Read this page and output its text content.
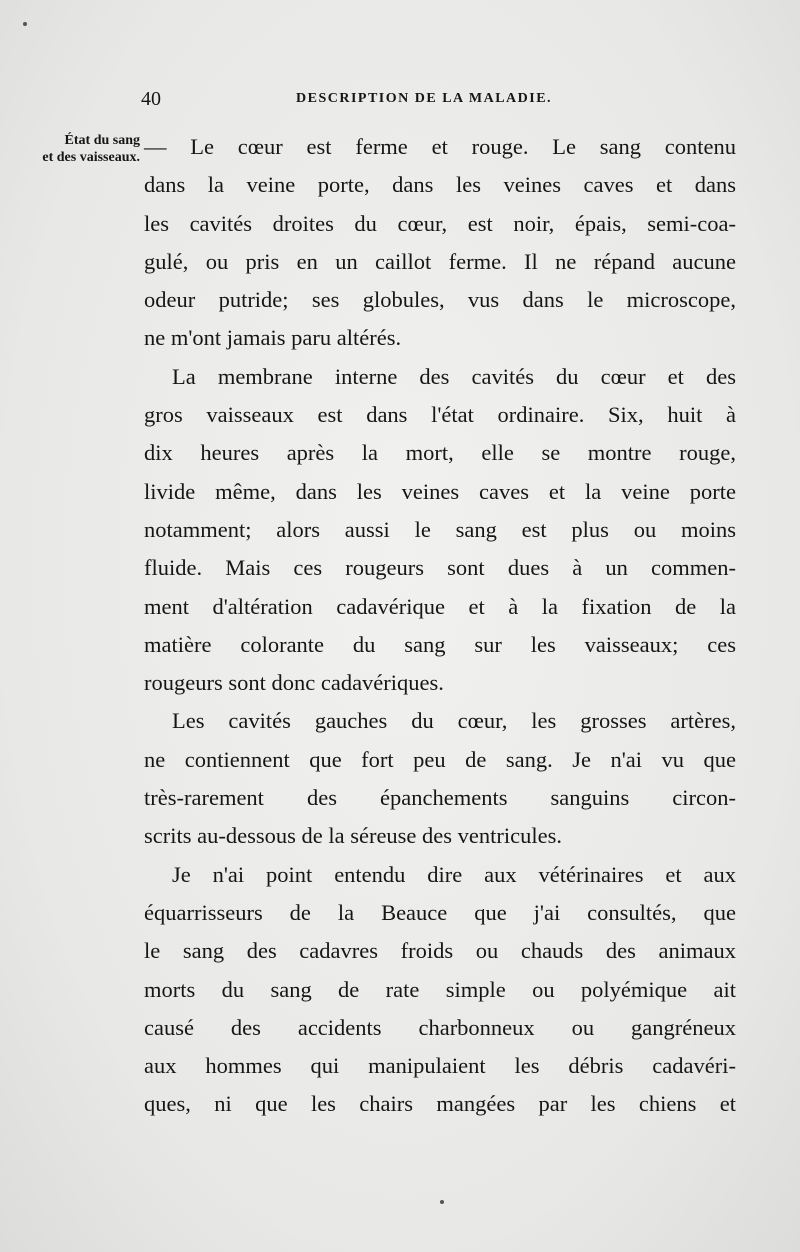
40	DESCRIPTION DE LA MALADIE.
État du sang
et des vaisseaux. — Le cœur est ferme et rouge. Le sang contenu
dans la veine porte, dans les veines caves et dans
les cavités droites du cœur, est noir, épais, semi-coa-
gulé, ou pris en un caillot ferme. Il ne répand aucune
odeur putride; ses globules, vus dans le microscope,
ne m'ont jamais paru altérés.
La membrane interne des cavités du cœur et des
gros vaisseaux est dans l'état ordinaire. Six, huit à
dix heures après la mort, elle se montre rouge,
livide même, dans les veines caves et la veine porte
notamment; alors aussi le sang est plus ou moins
fluide. Mais ces rougeurs sont dues à un commen-
ment d'altération cadavérique et à la fixation de la
matière colorante du sang sur les vaisseaux; ces
rougeurs sont donc cadavériques.
Les cavités gauches du cœur, les grosses artères,
ne contiennent que fort peu de sang. Je n'ai vu que
très-rarement des épanchements sanguins circon-
scrits au-dessous de la séreuse des ventricules.
Je n'ai point entendu dire aux vétérinaires et aux
équarrisseurs de la Beauce que j'ai consultés, que
le sang des cadavres froids ou chauds des animaux
morts du sang de rate simple ou polyémique ait
causé des accidents charbonneux ou gangréneux
aux hommes qui manipulaient les débris cadavéri-
ques, ni que les chairs mangées par les chiens et
